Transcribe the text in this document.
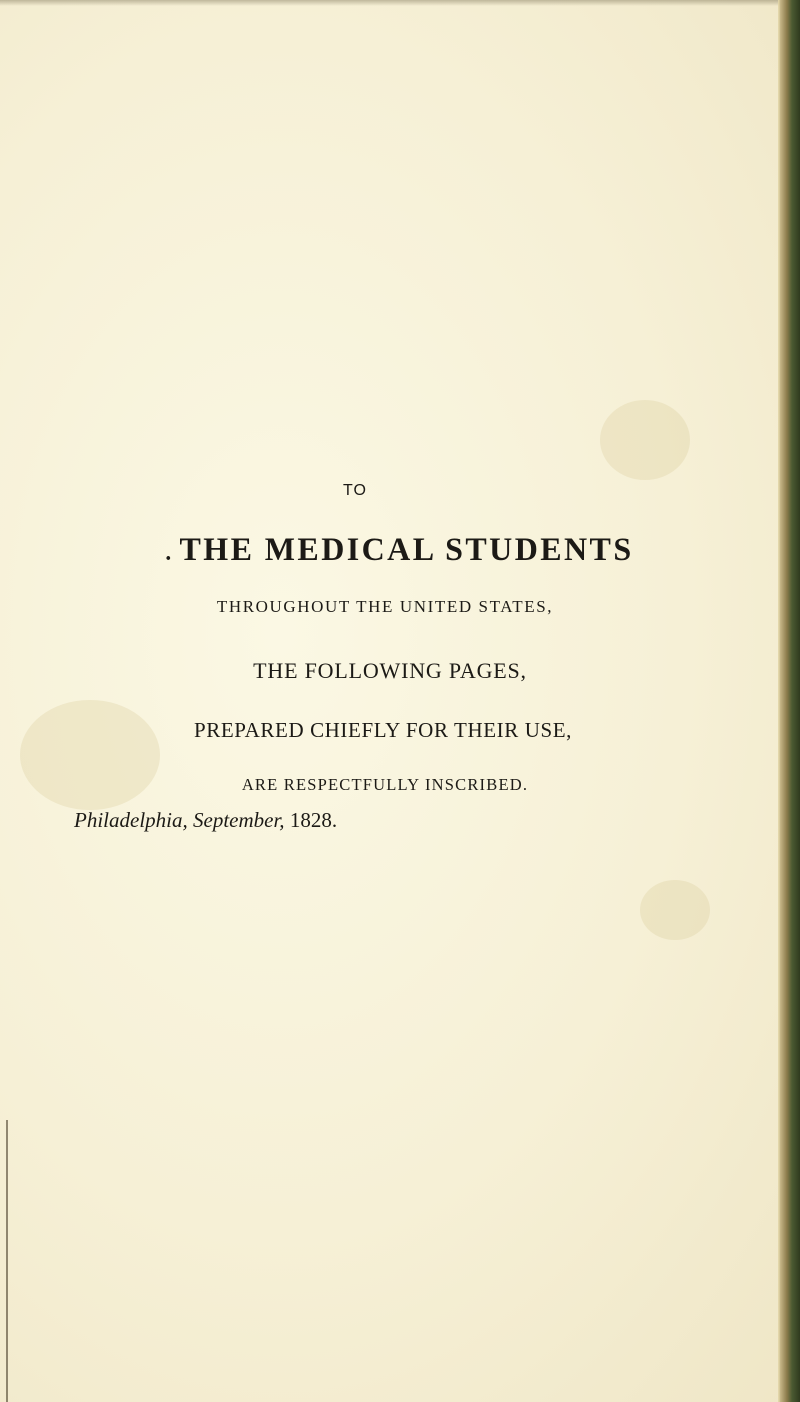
TO
. THE MEDICAL STUDENTS
THROUGHOUT THE UNITED STATES,
THE FOLLOWING PAGES,
PREPARED CHIEFLY FOR THEIR USE,
ARE RESPECTFULLY INSCRIBED.
Philadelphia, September, 1828.
